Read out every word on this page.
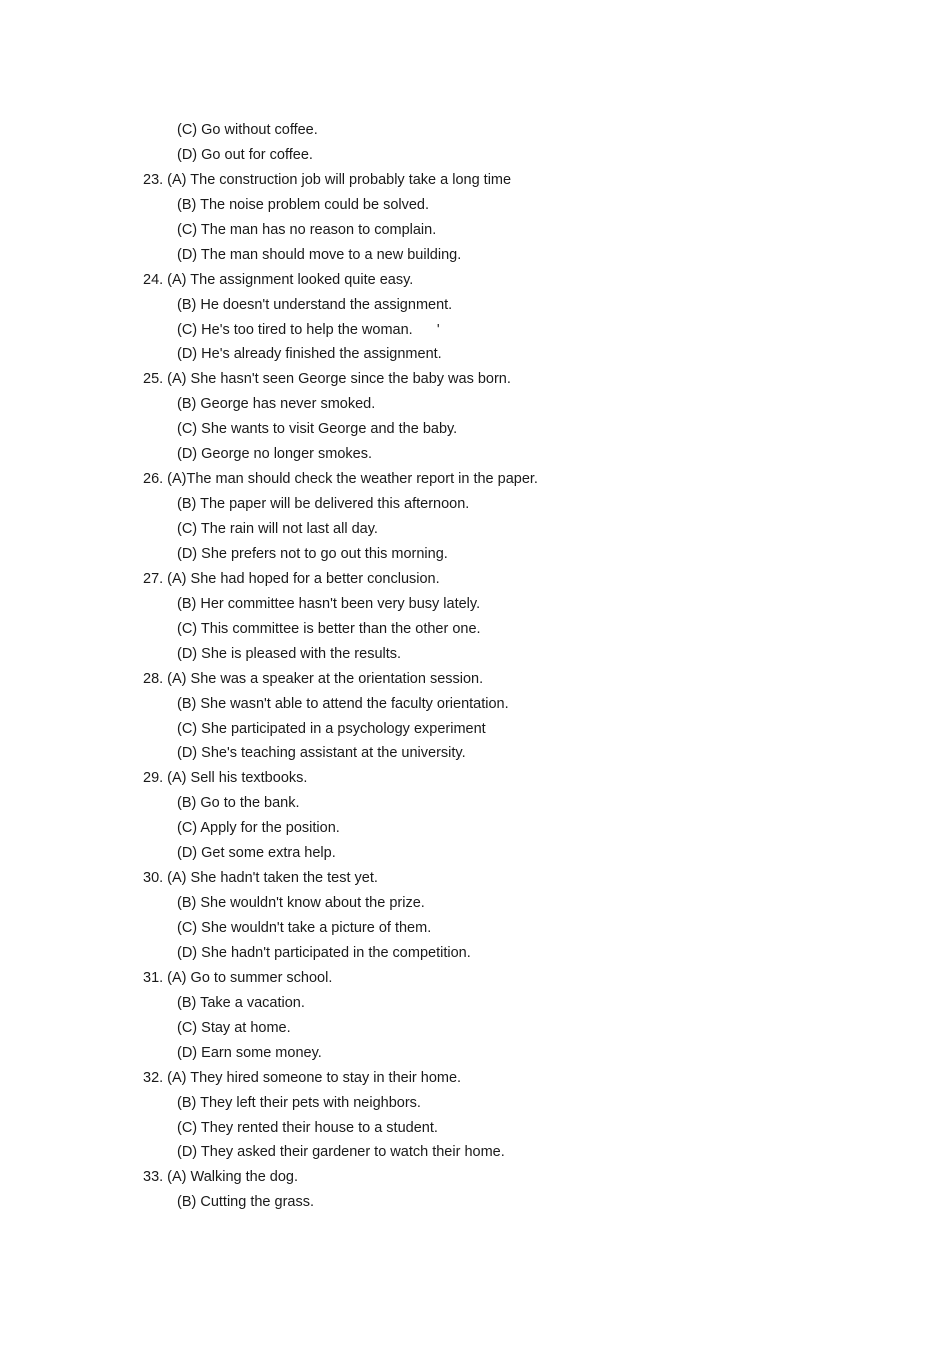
(C) Go without coffee.
(D) Go out for coffee.
23. (A) The construction job will probably take a long time
(B) The noise problem could be solved.
(C) The man has no reason to complain.
(D) The man should move to a new building.
24. (A) The assignment looked quite easy.
(B) He doesn't understand the assignment.
(C) He's too tired to help the woman.      '
(D) He's already finished the assignment.
25. (A) She hasn't seen George since the baby was born.
(B) George has never smoked.
(C) She wants to visit George and the baby.
(D) George no longer smokes.
26. (A)The man should check the weather report in the paper.
(B) The paper will be delivered this afternoon.
(C) The rain will not last all day.
(D) She prefers not to go out this morning.
27. (A) She had hoped for a better conclusion.
(B) Her committee hasn't been very busy lately.
(C) This committee is better than the other one.
(D) She is pleased with the results.
28. (A) She was a speaker at the orientation session.
(B) She wasn't able to attend the faculty orientation.
(C) She participated in a psychology experiment
(D) She's teaching assistant at the university.
29. (A) Sell his textbooks.
(B) Go to the bank.
(C) Apply for the position.
(D) Get some extra help.
30. (A) She hadn't taken the test yet.
(B) She wouldn't know about the prize.
(C) She wouldn't take a picture of them.
(D) She hadn't participated in the competition.
31. (A) Go to summer school.
(B) Take a vacation.
(C) Stay at home.
(D) Earn some money.
32. (A) They hired someone to stay in their home.
(B) They left their pets with neighbors.
(C) They rented their house to a student.
(D) They asked their gardener to watch their home.
33. (A) Walking the dog.
(B) Cutting the grass.
